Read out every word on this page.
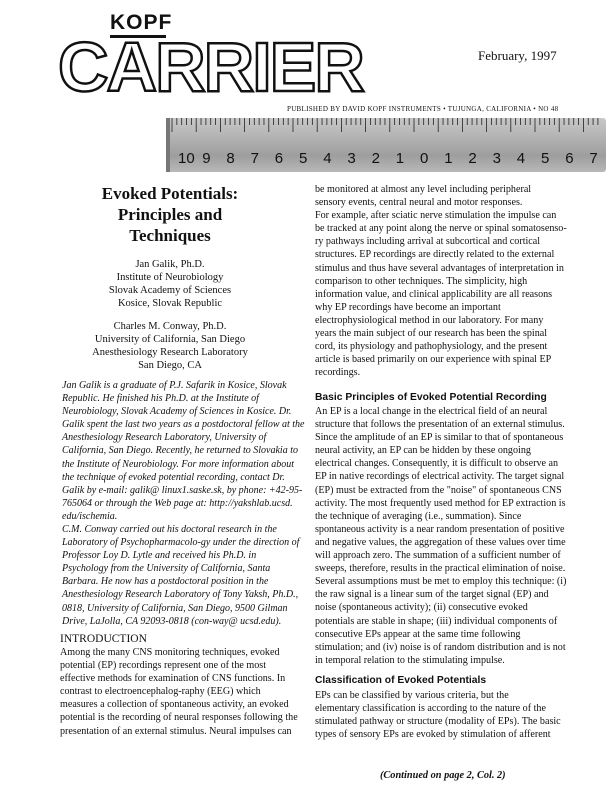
KOPF
CARRIER	February, 1997
PUBLISHED BY DAVID KOPF INSTRUMENTS • TUJUNGA, CALIFORNIA • NO 48
10 9 8 7 6 5 4 3 2 1 0 1 2 3 4 5 6 7
Evoked Potentials:
Principles and
Techniques
Jan Galik, Ph.D.
Institute of Neurobiology
Slovak Academy of Sciences
Kosice, Slovak Republic
Charles M. Conway, Ph.D.
University of California, San Diego
Anesthesiology Research Laboratory
San Diego, CA
Jan Galik is a graduate of P.J. Safarik in Kosice, Slovak
Republic. He finished his Ph.D. at the Institute of
Neurobiology, Slovak Academy of Sciences in Kosice. Dr.
Galik spent the last two years as a postdoctoral fellow at the
Anesthesiology Research Laboratory, University of
California, San Diego. Recently, he returned to Slovakia to
the Institute of Neurobiology. For more information about
the technique of evoked potential recording, contact Dr.
Galik by e-mail: galik@ linux1.saske.sk, by phone: +42-95-
765064 or through the Web page at: http://yakshlab.ucsd.
edu/ischemia.
C.M. Conway carried out his doctoral research in the
Laboratory of Psychopharmacolo-gy under the direction of
Professor Loy D. Lytle and received his Ph.D. in
Psychology from the University of California, Santa
Barbara. He now has a postdoctoral position in the
Anesthesiology Research Laboratory of Tony Yaksh, Ph.D.,
0818, University of California, San Diego, 9500 Gilman
Drive, LaJolla, CA 92093-0818 (con-way@ ucsd.edu).
INTRODUCTION
Among the many CNS monitoring techniques, evoked
potential (EP) recordings represent one of the most
effective methods for examination of CNS functions. In
contrast to electroencephalog-raphy (EEG) which
measures a collection of spontaneous activity, an evoked
potential is the recording of neural responses following the
presentation of an external stimulus. Neural impulses can
be monitored at almost any level including peripheral
sensory events, central neural and motor responses.
For example, after sciatic nerve stimulation the impulse can
be tracked at any point along the nerve or spinal somatosenso-
ry pathways including arrival at subcortical and cortical
structures. EP recordings are directly related to the external
stimulus and thus have several advantages of interpretation in
comparison to other techniques. The simplicity, high
information value, and clinical applicability are all reasons
why EP recordings have become an important
electrophysiological method in our laboratory. For many
years the main subject of our research has been the spinal
cord, its physiology and pathophysiology, and the present
article is based primarily on our experience with spinal EP
recordings.
Basic Principles of Evoked Potential Recording
An EP is a local change in the electrical field of an neural
structure that follows the presentation of an external stimulus.
Since the amplitude of an EP is similar to that of spontaneous
neural activity, an EP can be hidden by these ongoing
electrical changes. Consequently, it is difficult to observe an
EP in native recordings of electrical activity. The target signal
(EP) must be extracted from the "noise" of spontaneous CNS
activity. The most frequently used method for EP extraction is
the technique of averaging (i.e., summation). Since
spontaneous activity is a near random presentation of positive
and negative values, the aggregation of these values over time
will approach zero. The summation of a sufficient number of
sweeps, therefore, results in the practical elimination of noise.
Several assumptions must be met to employ this technique: (i)
the raw signal is a linear sum of the target signal (EP) and
noise (spontaneous activity); (ii) consecutive evoked
potentials are stable in shape; (iii) individual components of
consecutive EPs appear at the same time following
stimulation; and (iv) noise is of random distribution and is not
in temporal relation to the stimulating impulse.
Classification of Evoked Potentials
EPs can be classified by various criteria, but the
elementary classification is according to the nature of the
stimulated pathway or structure (modality of EPs). The basic
types of sensory EPs are evoked by stimulation of afferent
(Continued on page 2, Col. 2)
